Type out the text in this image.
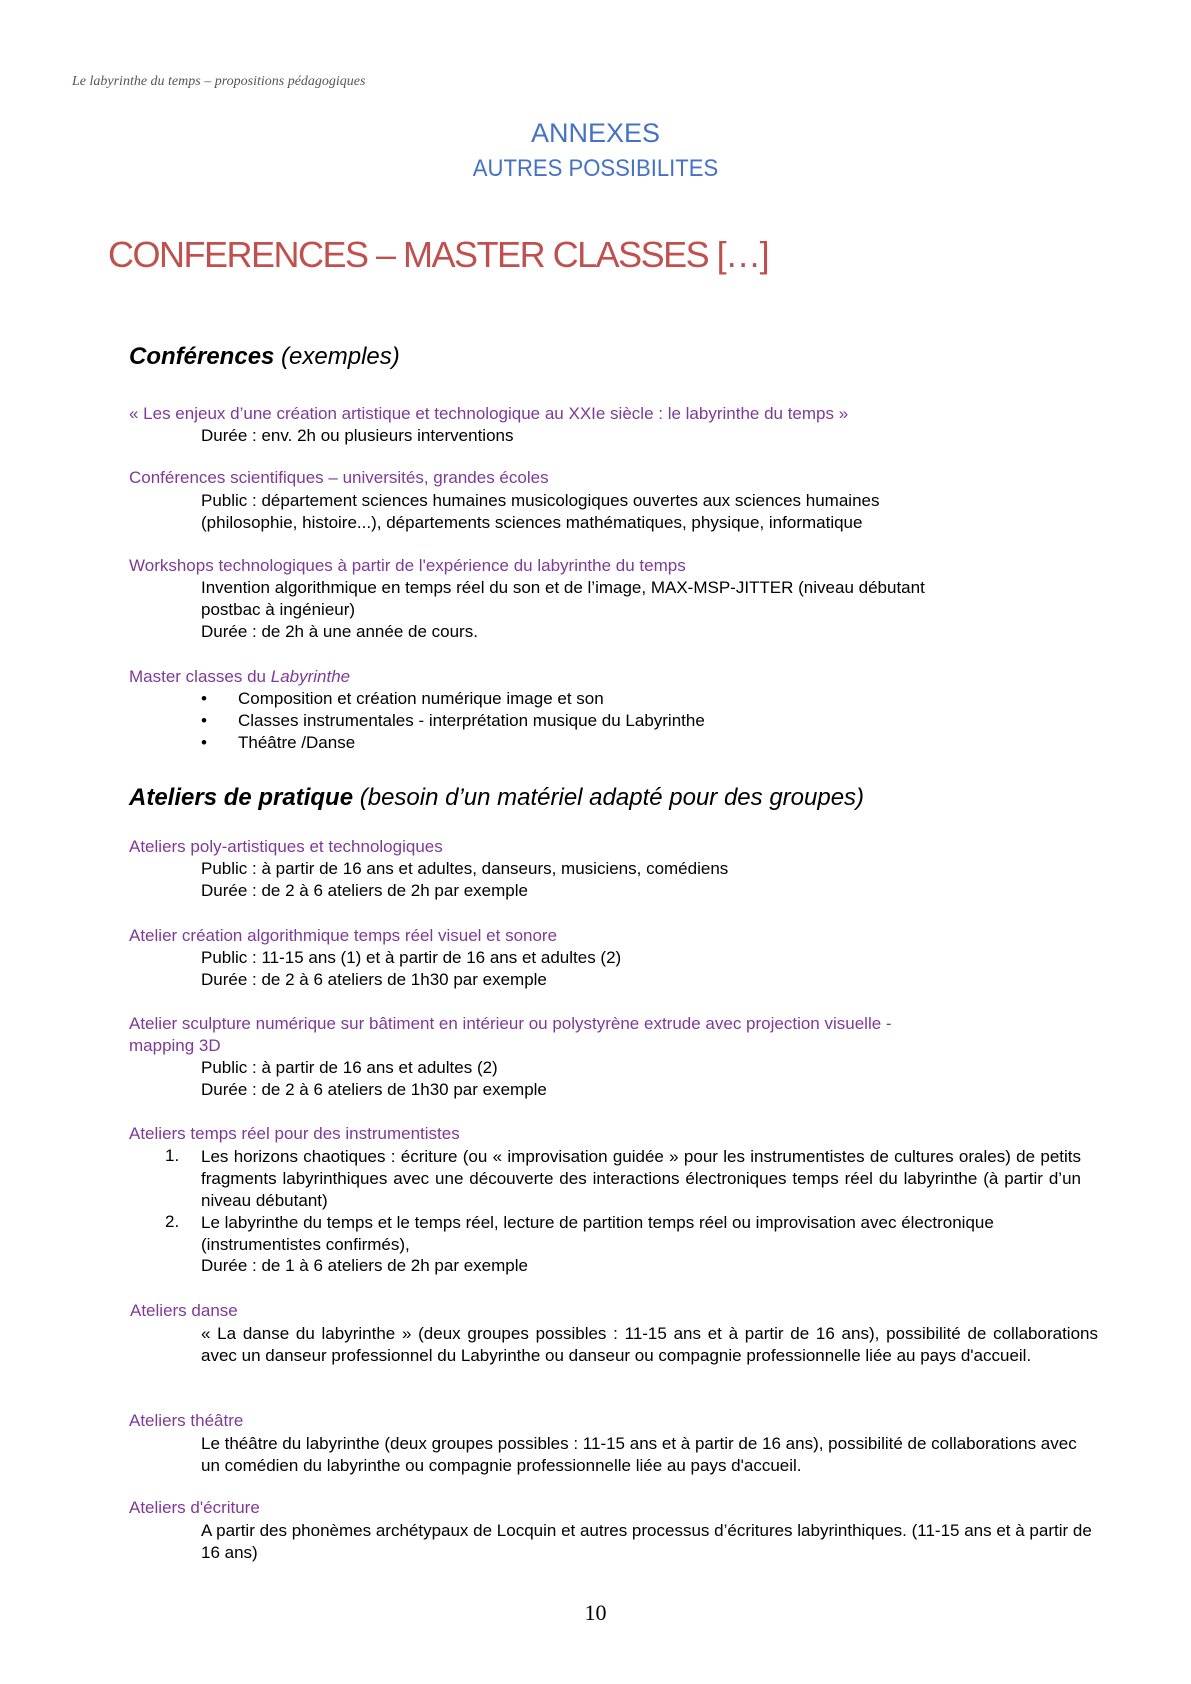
Le labyrinthe du temps – propositions pédagogiques
ANNEXES
AUTRES POSSIBILITES
CONFERENCES – MASTER CLASSES […]
Conférences (exemples)
« Les enjeux d’une création artistique et technologique au XXIe siècle : le labyrinthe du temps »
Durée : env. 2h ou plusieurs interventions
Conférences scientifiques – universités, grandes écoles
Public : département sciences humaines musicologiques ouvertes aux sciences humaines
(philosophie, histoire...), départements sciences mathématiques, physique, informatique
Workshops technologiques à partir de l'expérience du labyrinthe du temps
Invention algorithmique en temps réel du son et de l’image, MAX-MSP-JITTER (niveau débutant
postbac à ingénieur)
Durée : de 2h à une année de cours.
Master classes du Labyrinthe
• Composition et création numérique image et son
• Classes instrumentales - interprétation musique du Labyrinthe
• Théâtre /Danse
Ateliers de pratique (besoin d’un matériel adapté pour des groupes)
Ateliers poly-artistiques et technologiques
Public : à partir de 16 ans et adultes, danseurs, musiciens, comédiens
Durée : de 2 à 6 ateliers de 2h par exemple
Atelier création algorithmique temps réel visuel et sonore
Public : 11-15 ans (1) et à partir de 16 ans et adultes (2)
Durée : de 2 à 6 ateliers de 1h30 par exemple
Atelier sculpture numérique sur bâtiment en intérieur ou polystyrène extrude avec projection visuelle -
mapping 3D
Public : à partir de 16 ans et adultes (2)
Durée : de 2 à 6 ateliers de 1h30 par exemple
Ateliers temps réel pour des instrumentistes
1.	Les horizons chaotiques : écriture (ou « improvisation guidée » pour les instrumentistes de cultures orales) de petits fragments labyrinthiques avec une découverte des interactions électroniques temps réel du labyrinthe (à partir d’un niveau débutant)
2.	Le labyrinthe du temps et le temps réel, lecture de partition temps réel ou improvisation avec électronique (instrumentistes confirmés),
Durée : de 1 à 6 ateliers de 2h par exemple
Ateliers danse
« La danse du labyrinthe » (deux groupes possibles : 11-15 ans et à partir de 16 ans), possibilité de collaborations avec un danseur professionnel du Labyrinthe ou danseur ou compagnie professionnelle liée au pays d'accueil.
Ateliers théâtre
Le théâtre du labyrinthe (deux groupes possibles : 11-15 ans et à partir de 16 ans), possibilité de collaborations avec un comédien du labyrinthe ou compagnie professionnelle liée au pays d'accueil.
Ateliers d'écriture
A partir des phonèmes archétypaux de Locquin et autres processus d’écritures labyrinthiques. (11-15 ans et à partir de 16 ans)
10
